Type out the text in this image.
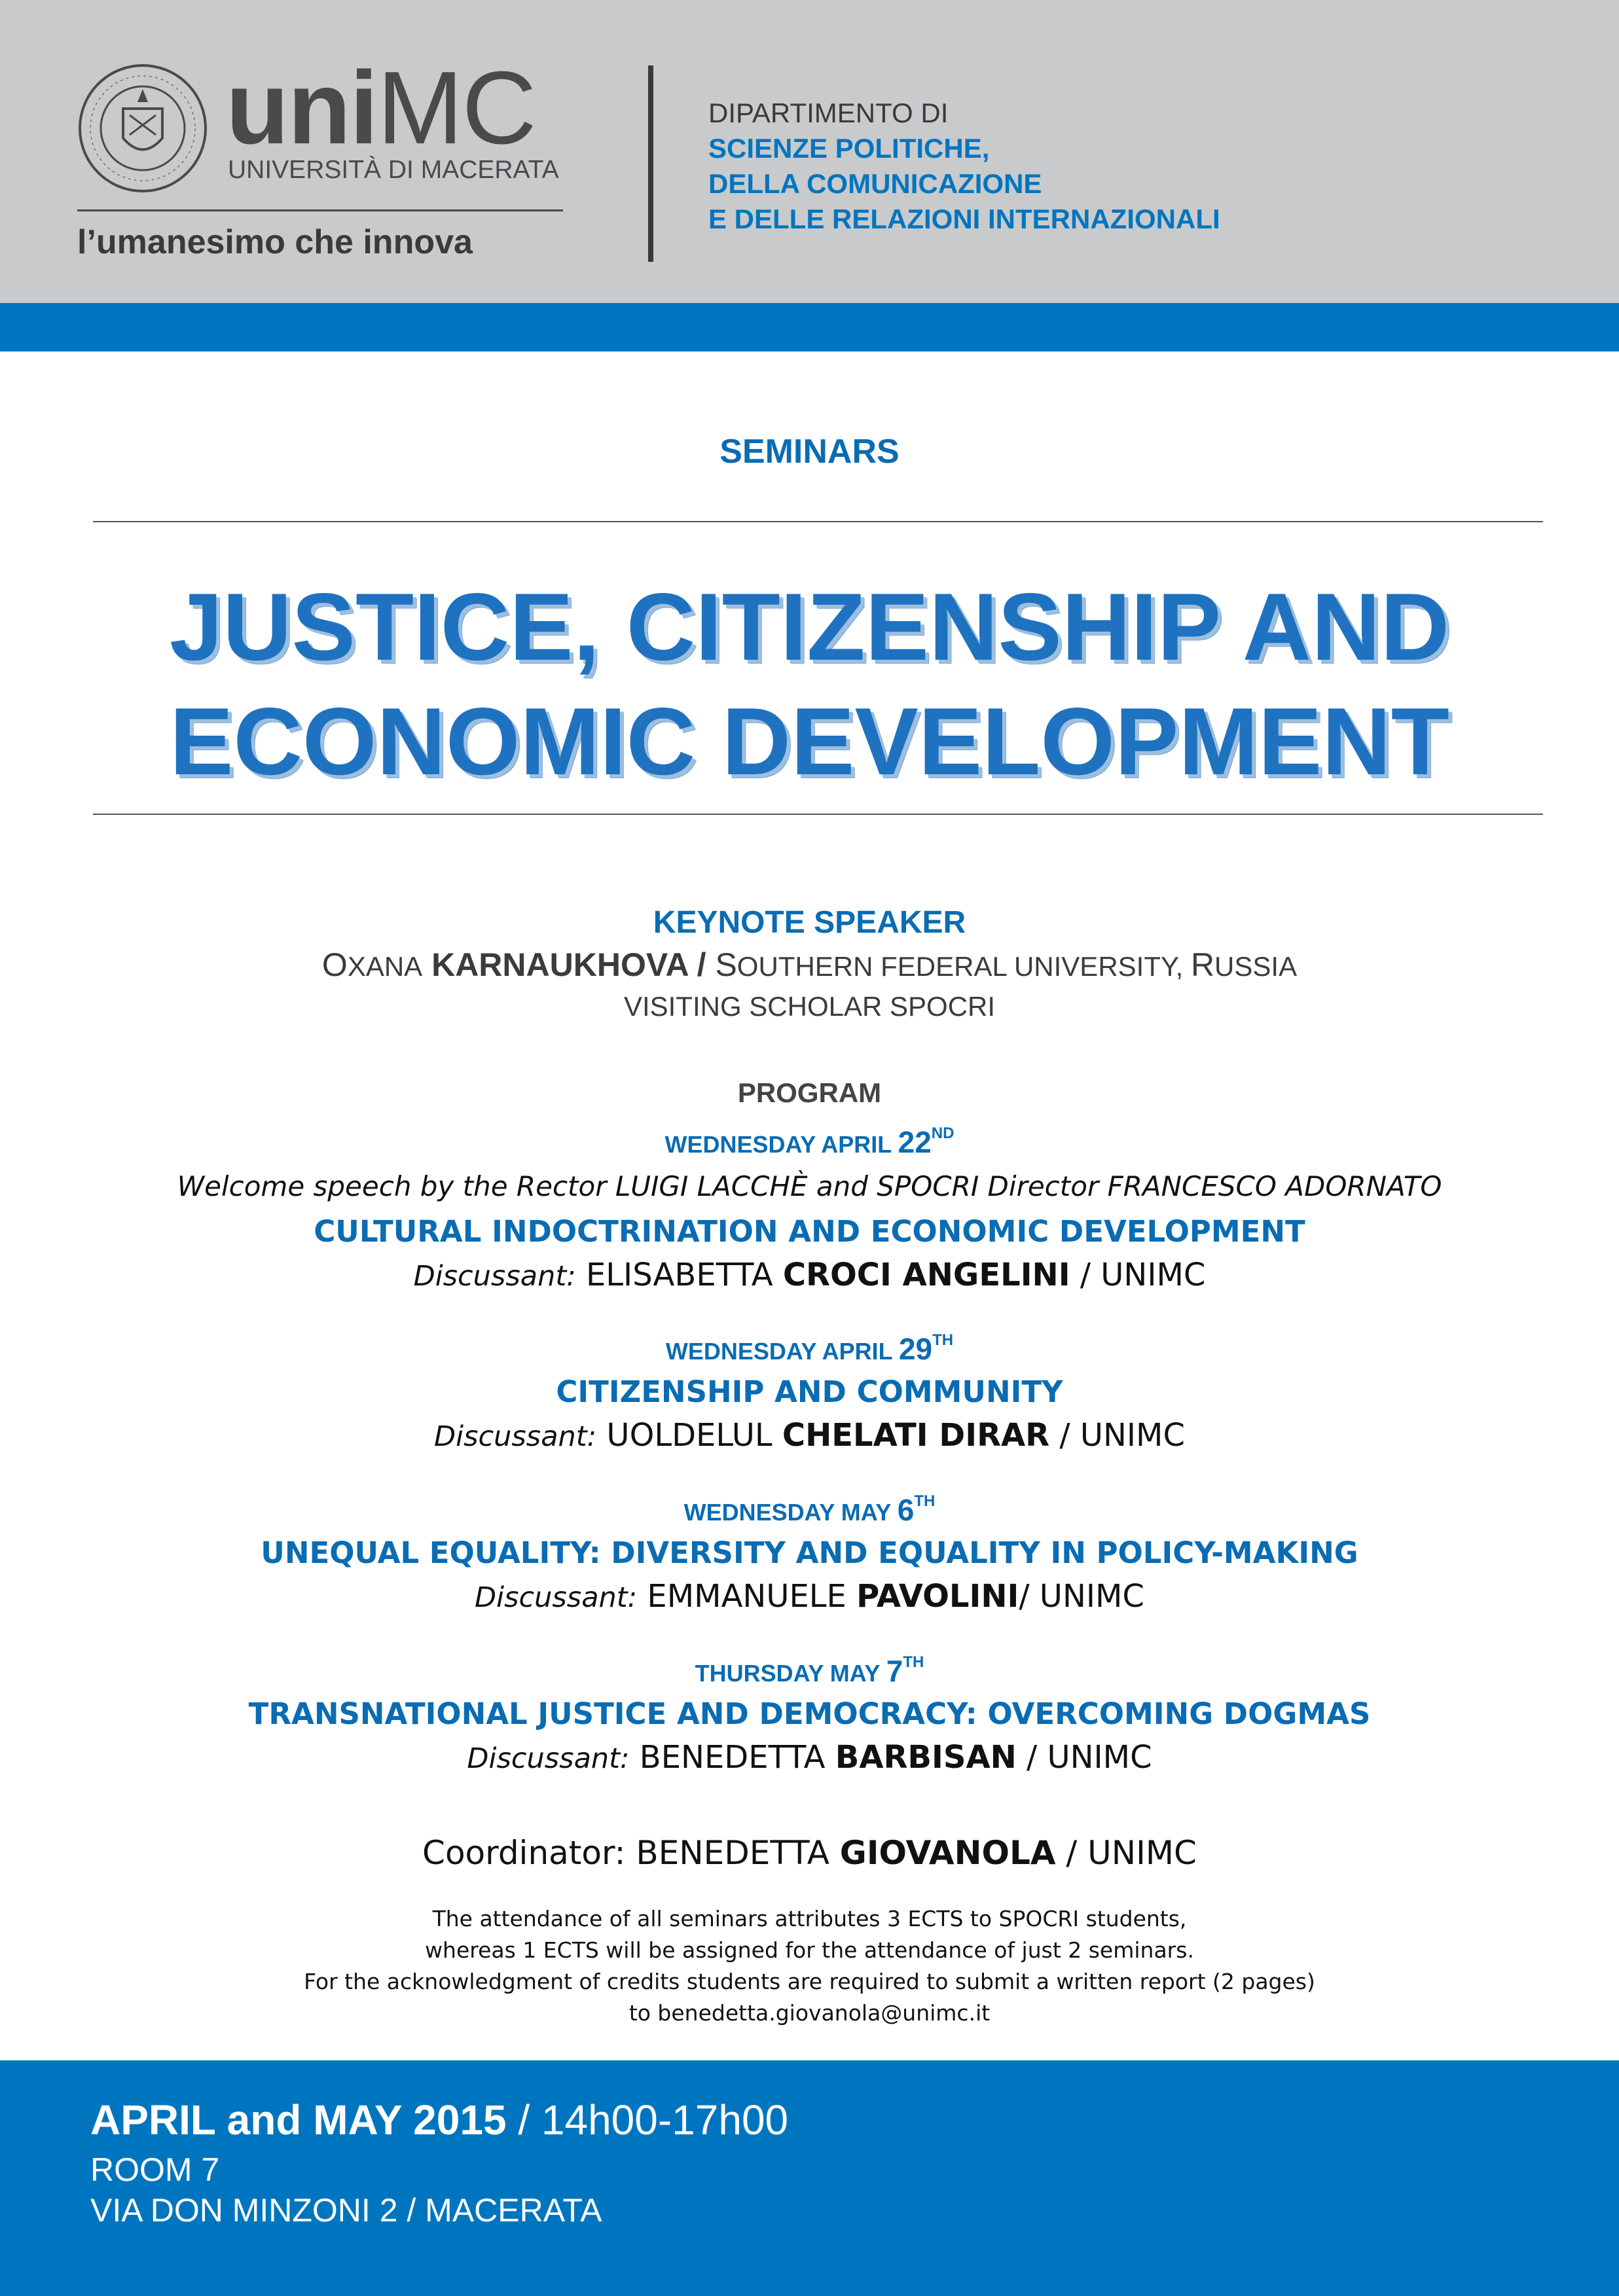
uniMC
UNIVERSITÀ DI MACERATA
l’umanesimo che innova
DIPARTIMENTO DI
SCIENZE POLITICHE,
DELLA COMUNICAZIONE
E DELLE RELAZIONI INTERNAZIONALI
SEMINARS
JUSTICE, CITIZENSHIP AND
ECONOMIC DEVELOPMENT
KEYNOTE SPEAKER
OXANA KARNAUKHOVA / SOUTHERN FEDERAL UNIVERSITY, RUSSIA
VISITING SCHOLAR SPOCRI
PROGRAM
WEDNESDAY APRIL 22ND
Welcome speech by the Rector LUIGI LACCHÈ and SPOCRI Director FRANCESCO ADORNATO
CULTURAL INDOCTRINATION AND ECONOMIC DEVELOPMENT
Discussant: ELISABETTA CROCI ANGELINI / UNIMC
WEDNESDAY APRIL 29TH
CITIZENSHIP AND COMMUNITY
Discussant: UOLDELUL CHELATI DIRAR / UNIMC
WEDNESDAY MAY 6TH
UNEQUAL EQUALITY: DIVERSITY AND EQUALITY IN POLICY-MAKING
Discussant: EMMANUELE PAVOLINI/ UNIMC
THURSDAY MAY 7TH
TRANSNATIONAL JUSTICE AND DEMOCRACY: OVERCOMING DOGMAS
Discussant: BENEDETTA BARBISAN / UNIMC
Coordinator: BENEDETTA GIOVANOLA / UNIMC
The attendance of all seminars attributes 3 ECTS to SPOCRI students,
whereas 1 ECTS will be assigned for the attendance of just 2 seminars.
For the acknowledgment of credits students are required to submit a written report (2 pages)
to benedetta.giovanola@unimc.it
APRIL and MAY 2015 / 14h00-17h00
ROOM 7
VIA DON MINZONI 2 / MACERATA
